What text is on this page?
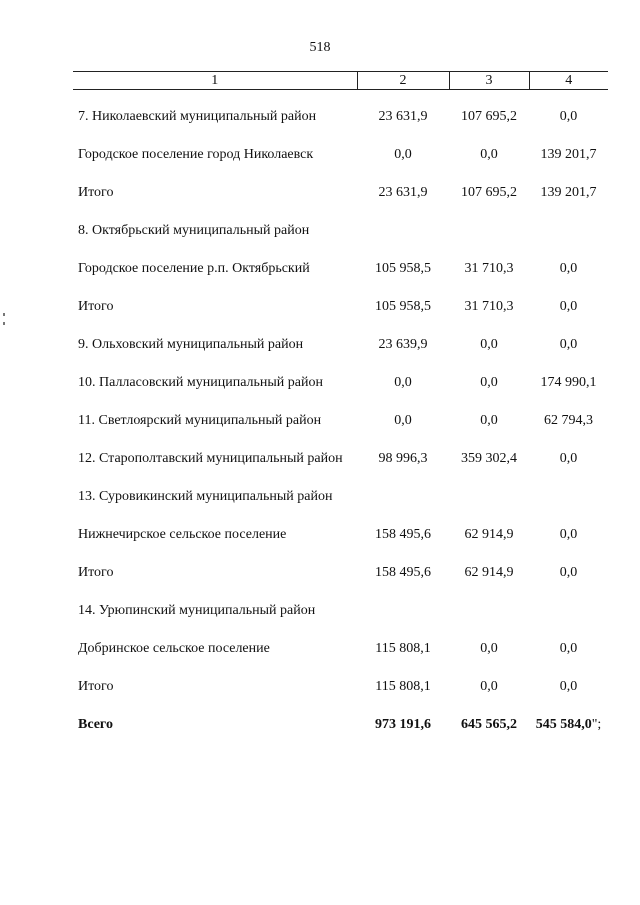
518
1	2	3	4
7. Николаевский муниципальный район	23 631,9	107 695,2	0,0
Городское поселение город Николаевск	0,0	0,0	139 201,7
Итого	23 631,9	107 695,2	139 201,7
8. Октябрьский муниципальный район			
Городское поселение р.п. Октябрьский	105 958,5	31 710,3	0,0
Итого	105 958,5	31 710,3	0,0
9. Ольховский муниципальный район	23 639,9	0,0	0,0
10. Палласовский муниципальный район	0,0	0,0	174 990,1
11. Светлоярский муниципальный район	0,0	0,0	62 794,3
12. Старополтавский муниципальный район	98 996,3	359 302,4	0,0
13. Суровикинский муниципальный район			
Нижнечирское сельское поселение	158 495,6	62 914,9	0,0
Итого	158 495,6	62 914,9	0,0
14. Урюпинский муниципальный район			
Добринское сельское поселение	115 808,1	0,0	0,0
Итого	115 808,1	0,0	0,0
Всего	973 191,6	645 565,2	545 584,0";
